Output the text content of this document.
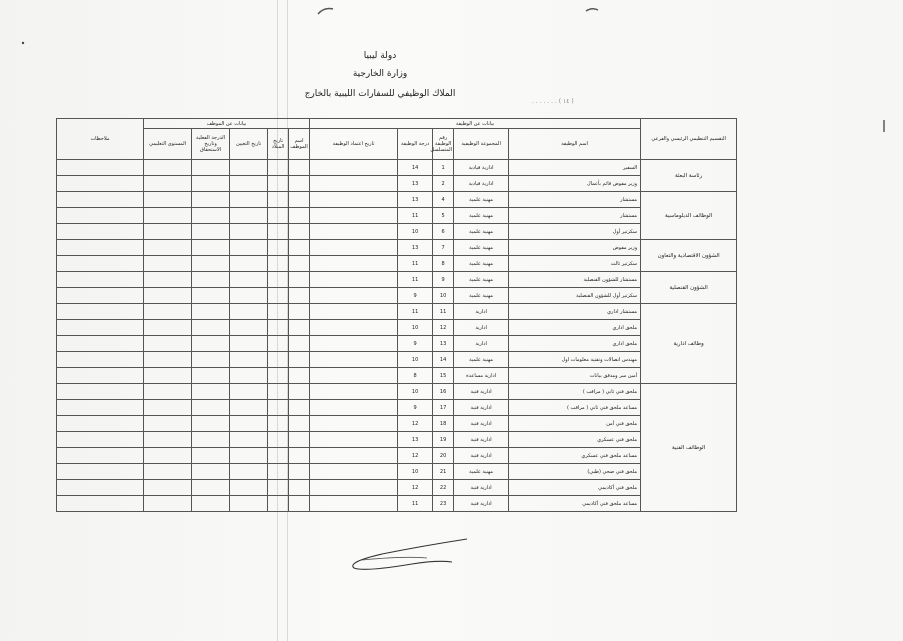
دولة ليبيا
وزارة الخارجية
الملاك الوظيفي للسفارات الليبية بالخارج
( ١٤ ) . . . . . . .
التقسيم التنظيمي الرئيسي والفرعي	بيانات عن الوظيفة					بيانات عن الموظف					ملاحظات
	اسم الوظيفة	المجموعة الوظيفية	رقم الوظيفة المتسلسل	درجة الوظيفة	تاريخ اعتماد الوظيفة	اسم الموظف	تاريخ الميلاد	تاريخ التعيين	الدرجة الفعلية وتاريخ الاستحقاق	المستوى التعليمي	
رئاسة البعثة	السفير	ادارية قيادية	1	14							
	وزير مفوض قائم بأعمال	ادارية قيادية	2	13							
الوظائف الدبلوماسية	مستشار	مهنية علمية	4	13							
	مستشار	مهنية علمية	5	11							
	سكرتير أول	مهنية علمية	6	10							
الشؤون الاقتصادية والتعاون	وزير مفوض	مهنية علمية	7	13							
	سكرتير ثالث	مهنية علمية	8	11							
الشؤون القنصلية	مستشار للشؤون القنصلية	مهنية علمية	9	11							
	سكرتير أول للشؤون القنصلية	مهنية علمية	10	9							
وظائف ادارية	مستشار اداري	ادارية	11	11							
	ملحق اداري	ادارية	12	10							
	ملحق اداري	ادارية	13	9							
	مهندس اتصالات وتقنية معلومات اول	مهنية علمية	14	10							
	أمين سر ومدقق بيانات	ادارية مساعدة	15	8							
الوظائف الفنية	ملحق فني ثاني ( مراقب )	ادارية فنية	16	10							
	مساعد ملحق فني ثاني ( مراقب )	ادارية فنية	17	9							
	ملحق فني أمن	ادارية فنية	18	12							
	ملحق فني عسكري	ادارية فنية	19	13							
	مساعد ملحق فني عسكري	ادارية فنية	20	12							
	ملحق فني صحي (طبي)	مهنية علمية	21	10							
	ملحق فني أكاديمي	ادارية فنية	22	12							
	مساعد ملحق فني أكاديمي	ادارية فنية	23	11							
